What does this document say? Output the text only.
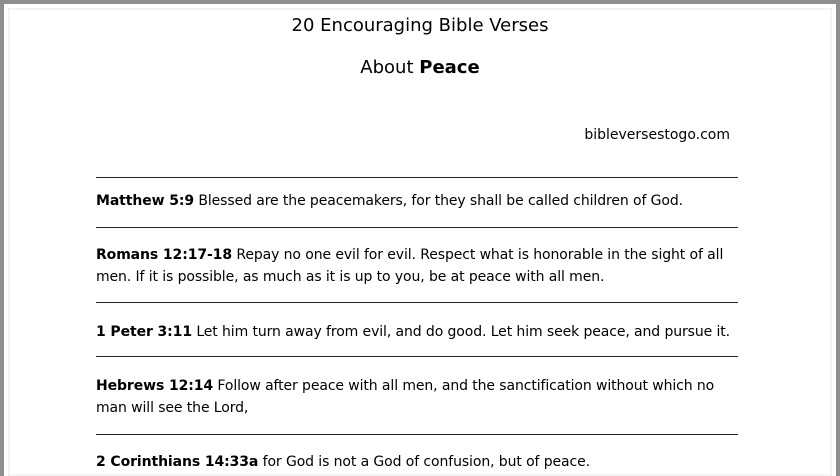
20 Encouraging Bible Verses
About Peace
bibleversestogo.com
Matthew 5:9 Blessed are the peacemakers, for they shall be called children of God.
Romans 12:17-18 Repay no one evil for evil. Respect what is honorable in the sight of all men. If it is possible, as much as it is up to you, be at peace with all men.
1 Peter 3:11 Let him turn away from evil, and do good. Let him seek peace, and pursue it.
Hebrews 12:14 Follow after peace with all men, and the sanctification without which no man will see the Lord,
2 Corinthians 14:33a for God is not a God of confusion, but of peace.
